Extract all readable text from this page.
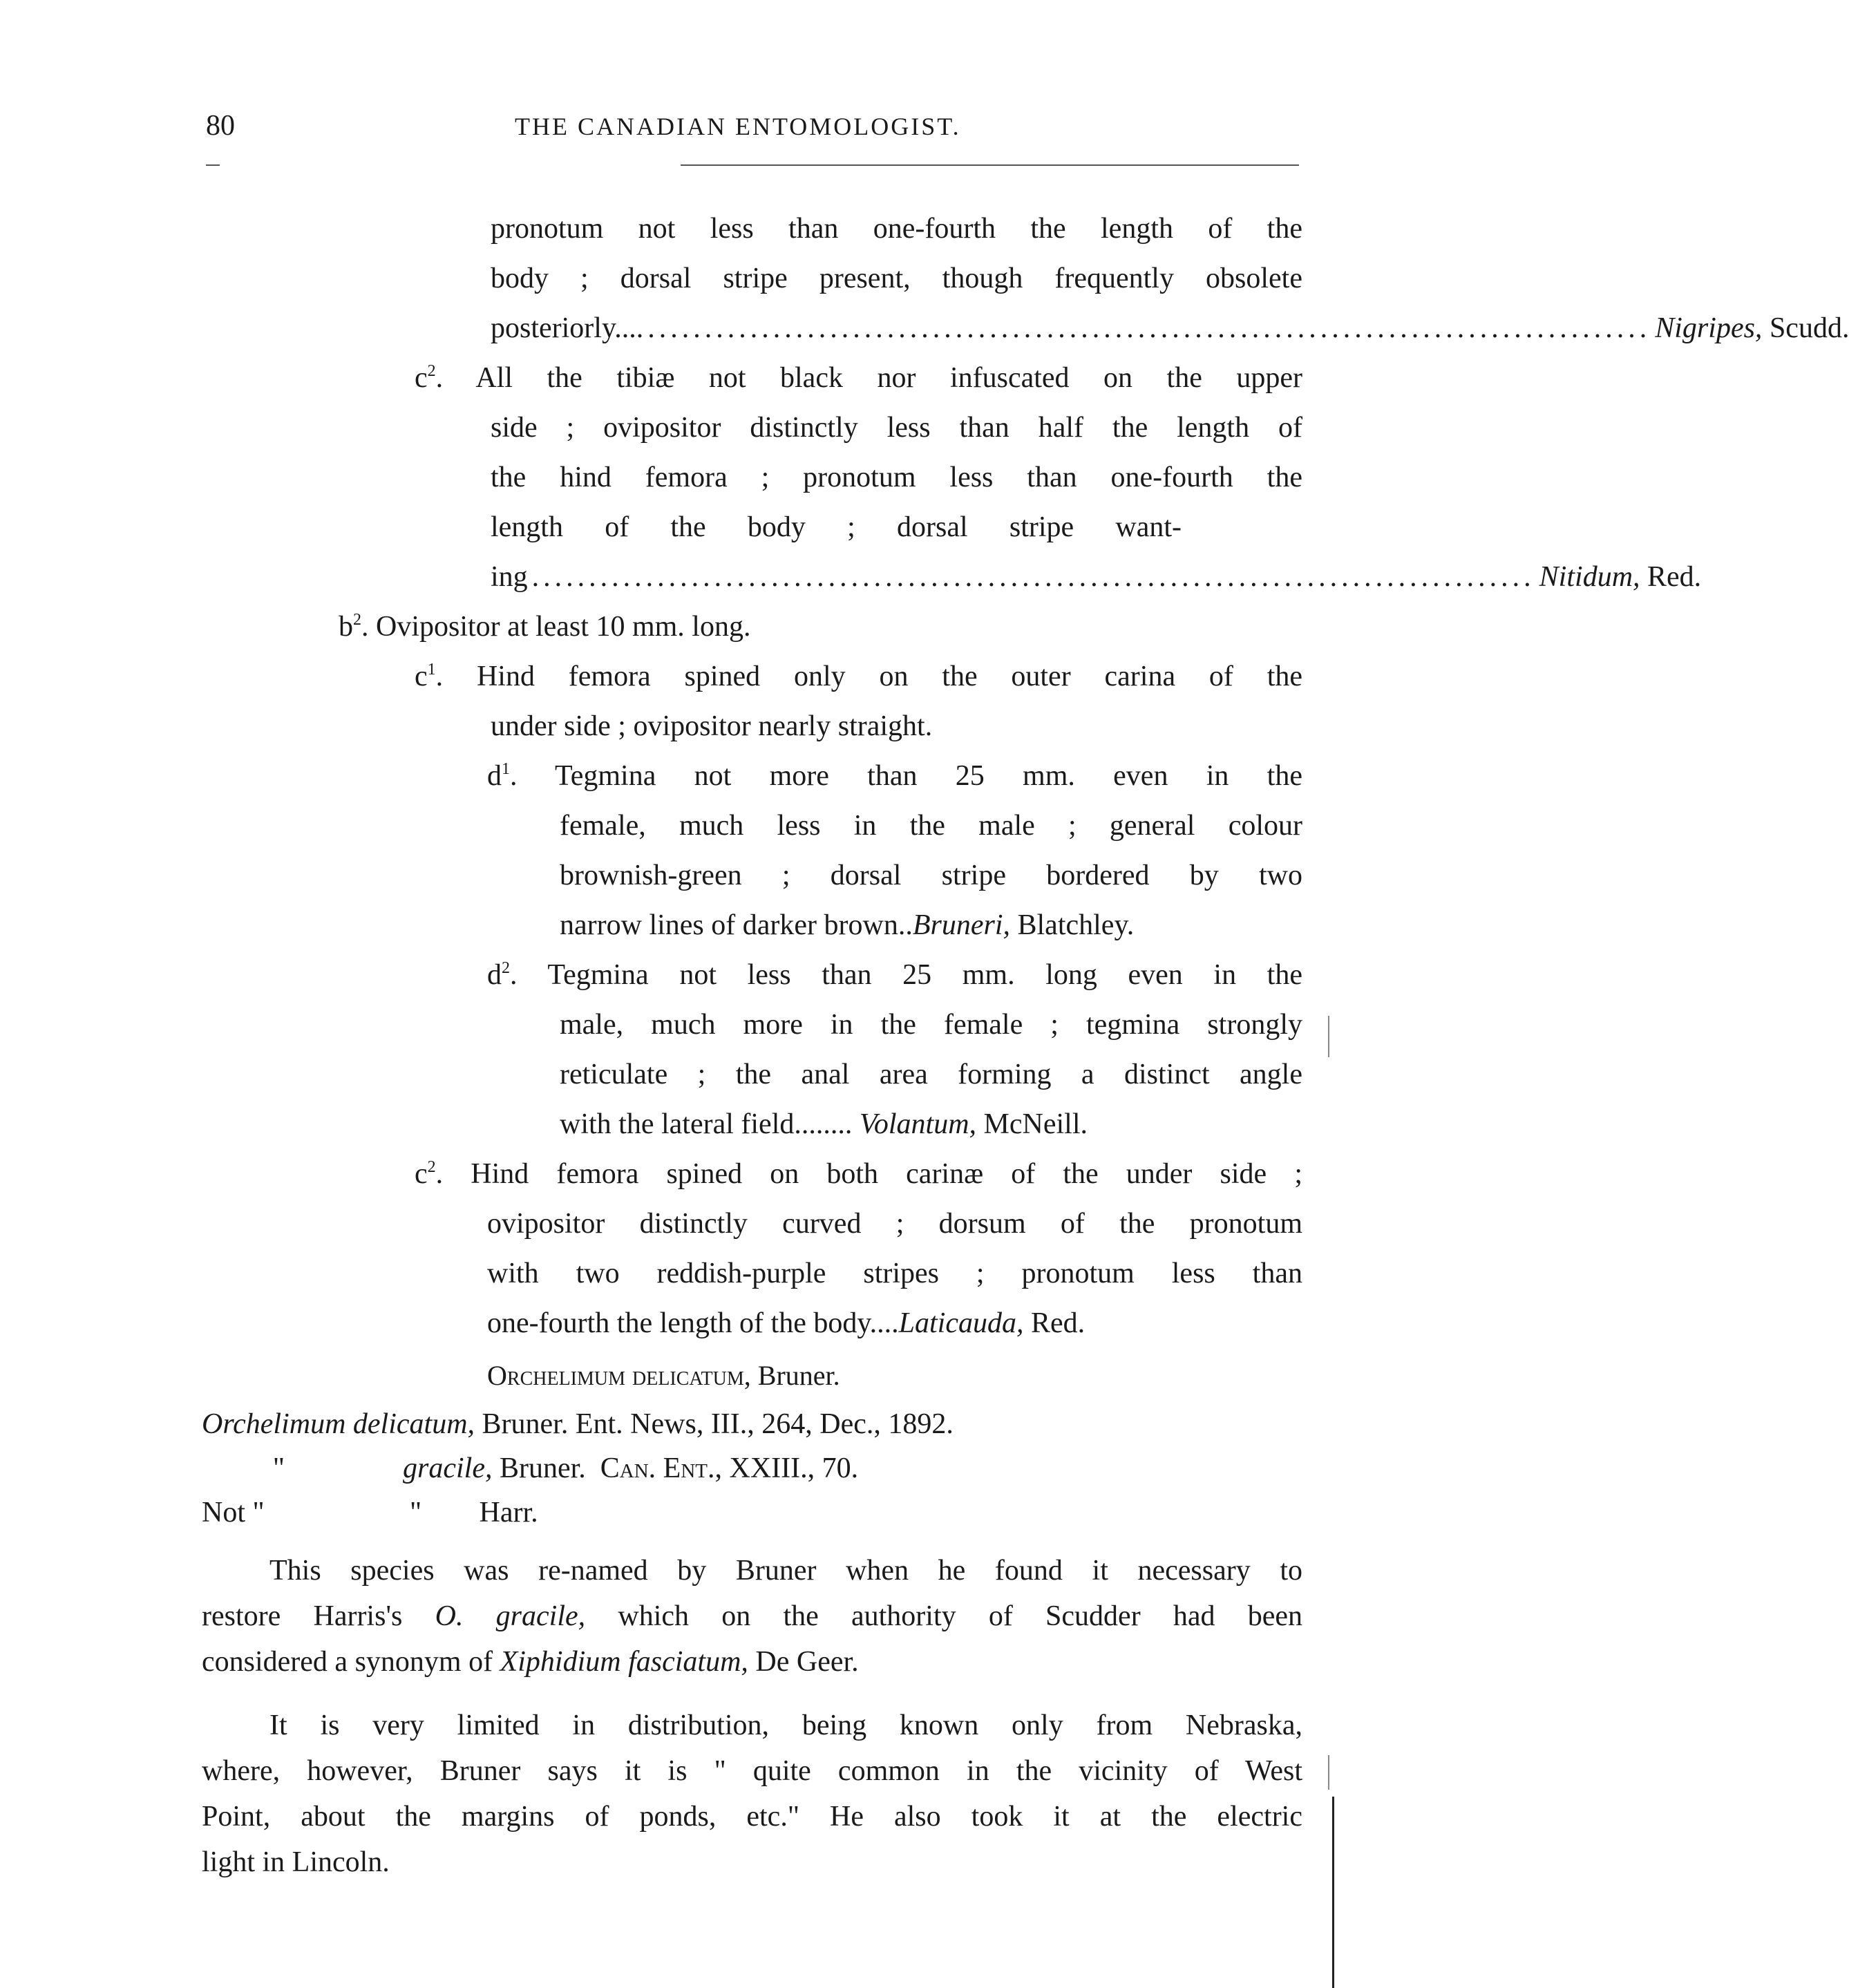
80	THE CANADIAN ENTOMOLOGIST.
pronotum not less than one-fourth the length of the
body ; dorsal stripe present, though frequently obsolete
posteriorly.... ........................................................................................ Nigripes,
Scudd.
$c^2$. All the tibiæ not black nor infuscated on the upper
side ; ovipositor distinctly less than half the length of
the hind femora ; pronotum less than one-fourth the
length of the body ; dorsal stripe want-
ing ........................................................................................ Nitidum,
Red.
$b^2$. Ovipositor at least 10 mm. long.
$c^1$. Hind femora spined only on the outer carina of the
under side ; ovipositor nearly straight.
$d^1$. Tegmina not more than 25 mm. even in the
female, much less in the male ; general colour
brownish-green ; dorsal stripe bordered by two
narrow lines of darker brown..Bruneri, Blatchley.
$d^2$. Tegmina not less than 25 mm. long even in the
male, much more in the female ; tegmina strongly
reticulate ; the anal area forming a distinct angle
with the lateral field........ Volantum, McNeill.
$c^2$. Hind femora spined on both carinæ of the under side ;
ovipositor distinctly curved ; dorsum of the pronotum
with two reddish-purple stripes ; pronotum less than
one-fourth the length of the body....Laticauda, Red.
Orchelimum delicatum, Bruner.
Orchelimum delicatum, Bruner. Ent. News, III., 264, Dec., 1892.
"	gracile, Bruner. Can. Ent., XXIII., 70.
Not "	" Harr.
This species was re-named by Bruner when he found it necessary to
restore Harris's O. gracile, which on the authority of Scudder had been
considered a synonym of Xiphidium fasciatum, De Geer.
It is very limited in distribution, being known only from Nebraska,
where, however, Bruner says it is " quite common in the vicinity of West
Point, about the margins of ponds, etc." He also took it at the electric
light in Lincoln.
